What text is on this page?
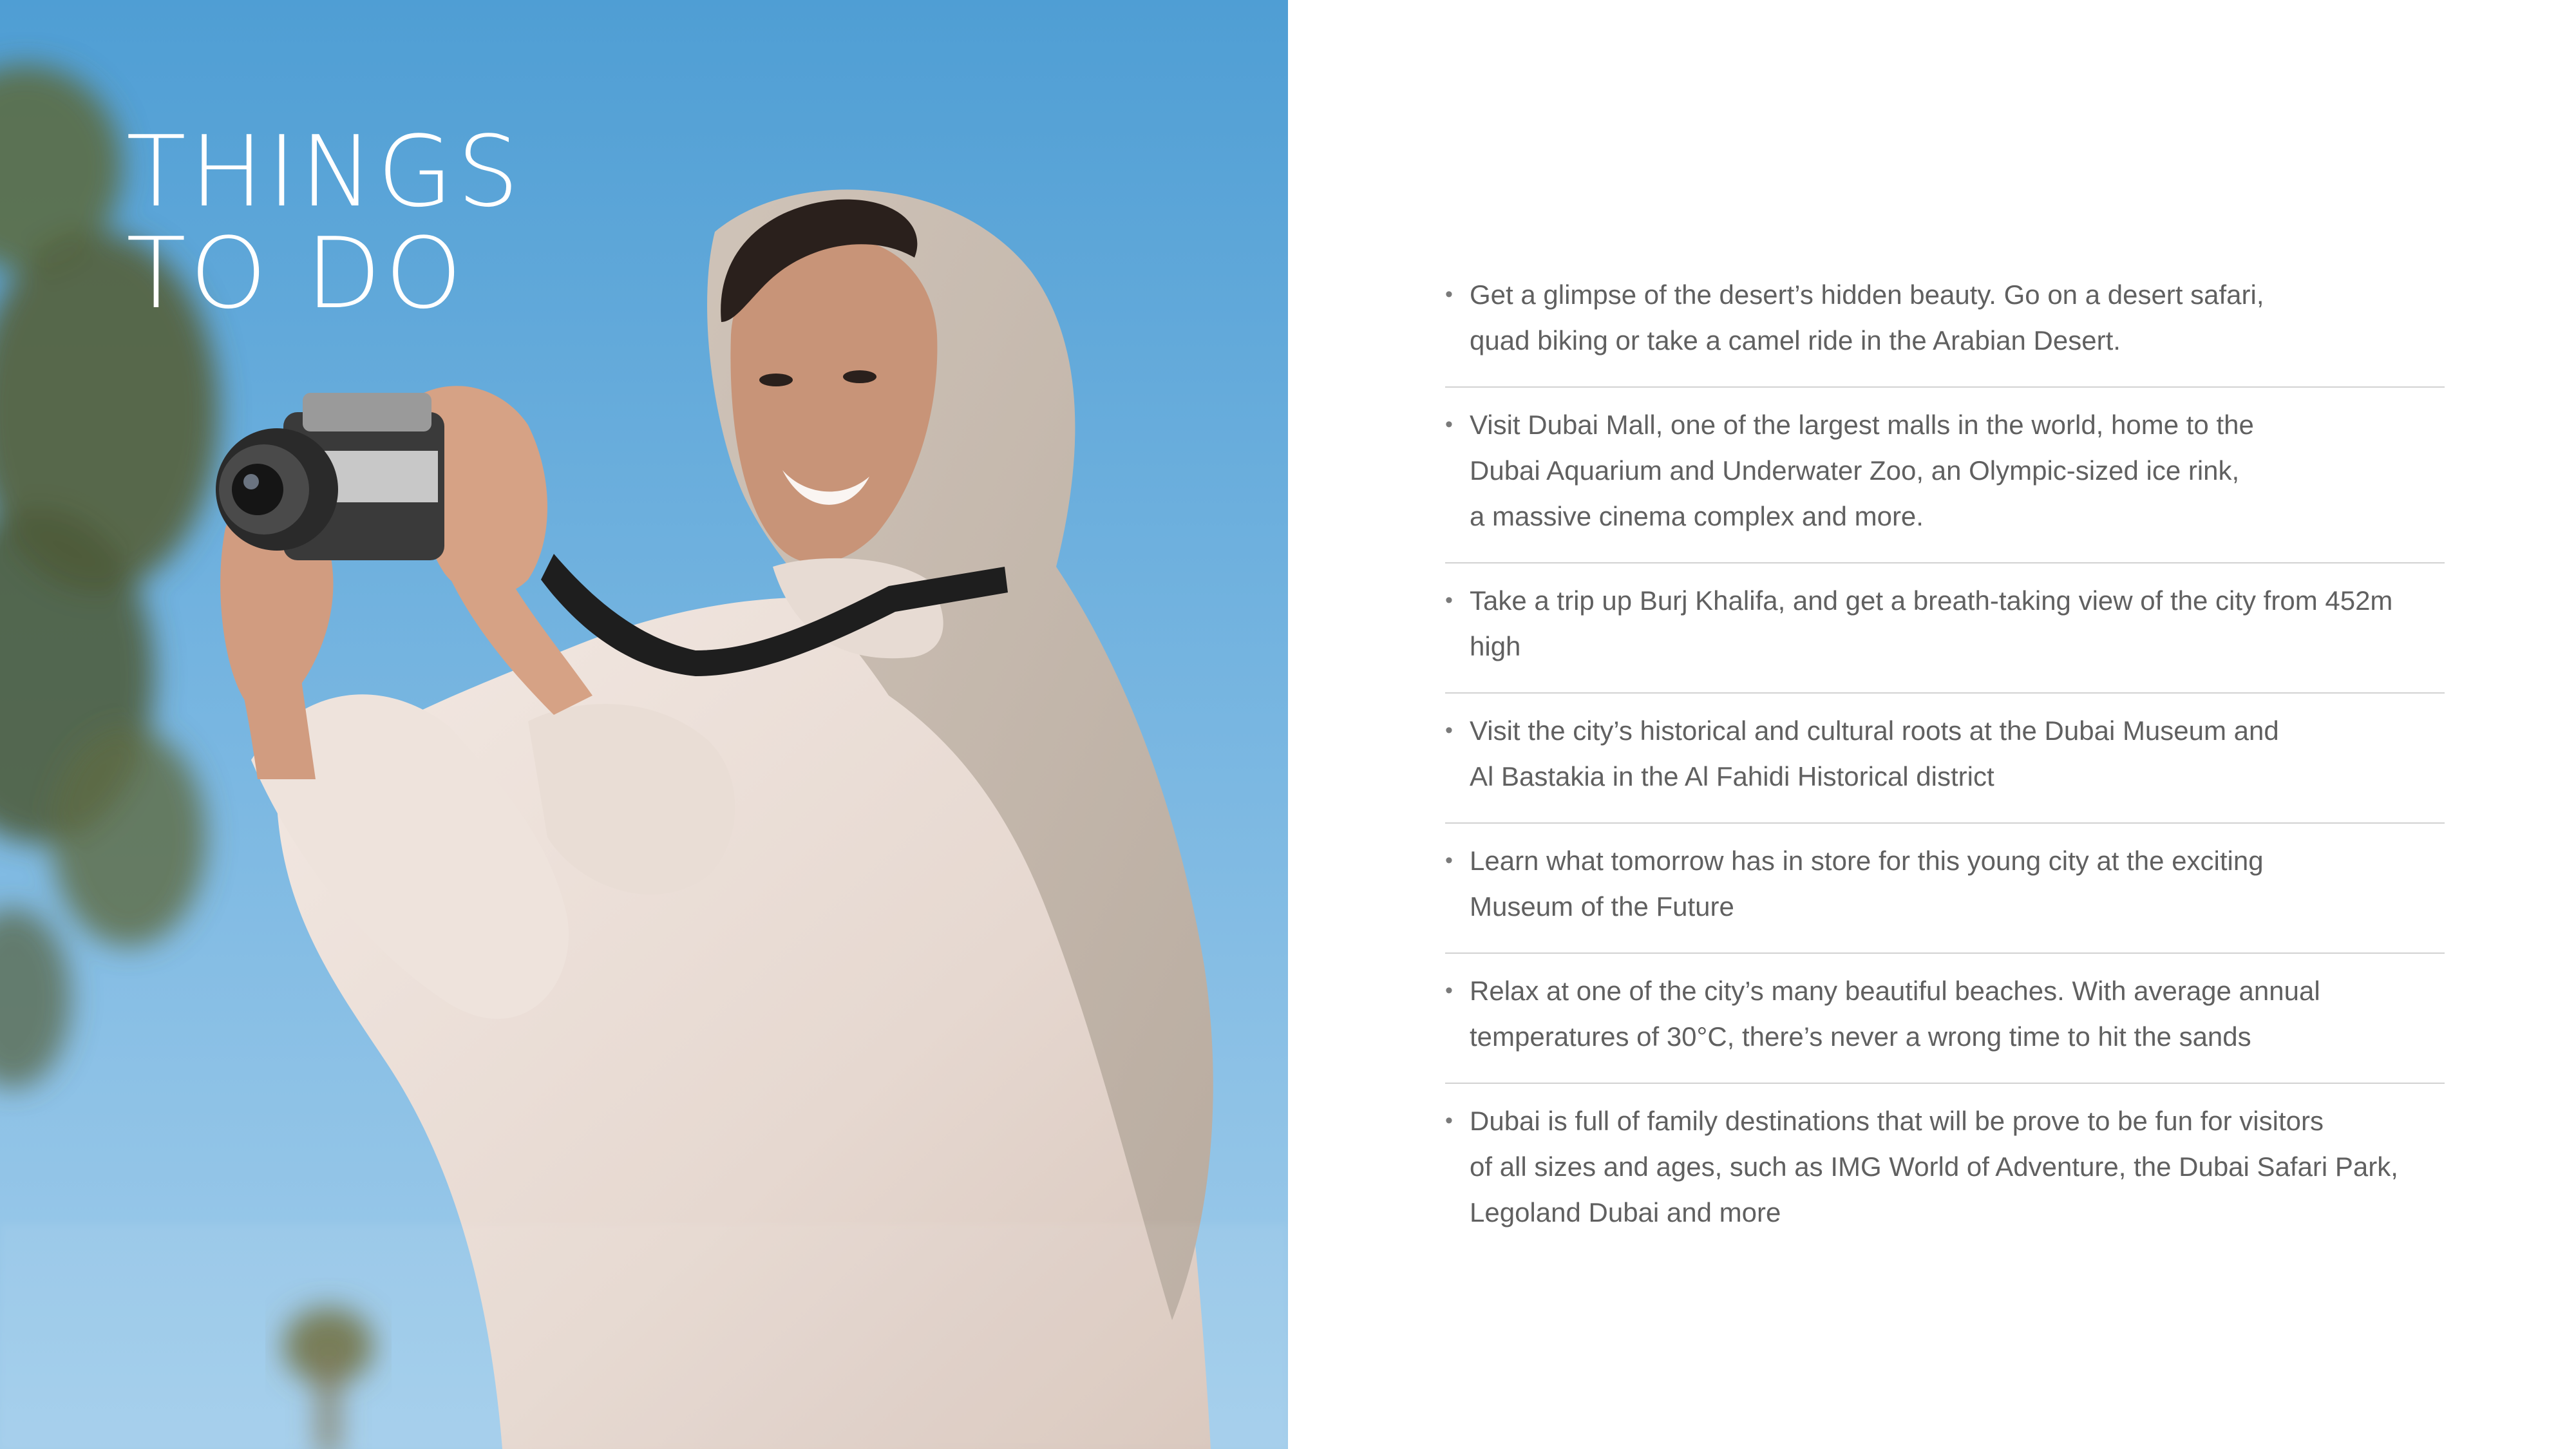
THINGS
TO DO	• Get a glimpse of the desert’s hidden beauty. Go on a desert safari,
quad biking or take a camel ride in the Arabian Desert.
• Visit Dubai Mall, one of the largest malls in the world, home to the
Dubai Aquarium and Underwater Zoo, an Olympic-sized ice rink,
a massive cinema complex and more.
• Take a trip up Burj Khalifa, and get a breath-taking view of the city from 452m high
• Visit the city’s historical and cultural roots at the Dubai Museum and
Al Bastakia in the Al Fahidi Historical district
• Learn what tomorrow has in store for this young city at the exciting
Museum of the Future
• Relax at one of the city’s many beautiful beaches. With average annual
temperatures of 30°C, there’s never a wrong time to hit the sands
• Dubai is full of family destinations that will be prove to be fun for visitors
of all sizes and ages, such as IMG World of Adventure, the Dubai Safari Park,
Legoland Dubai and more
